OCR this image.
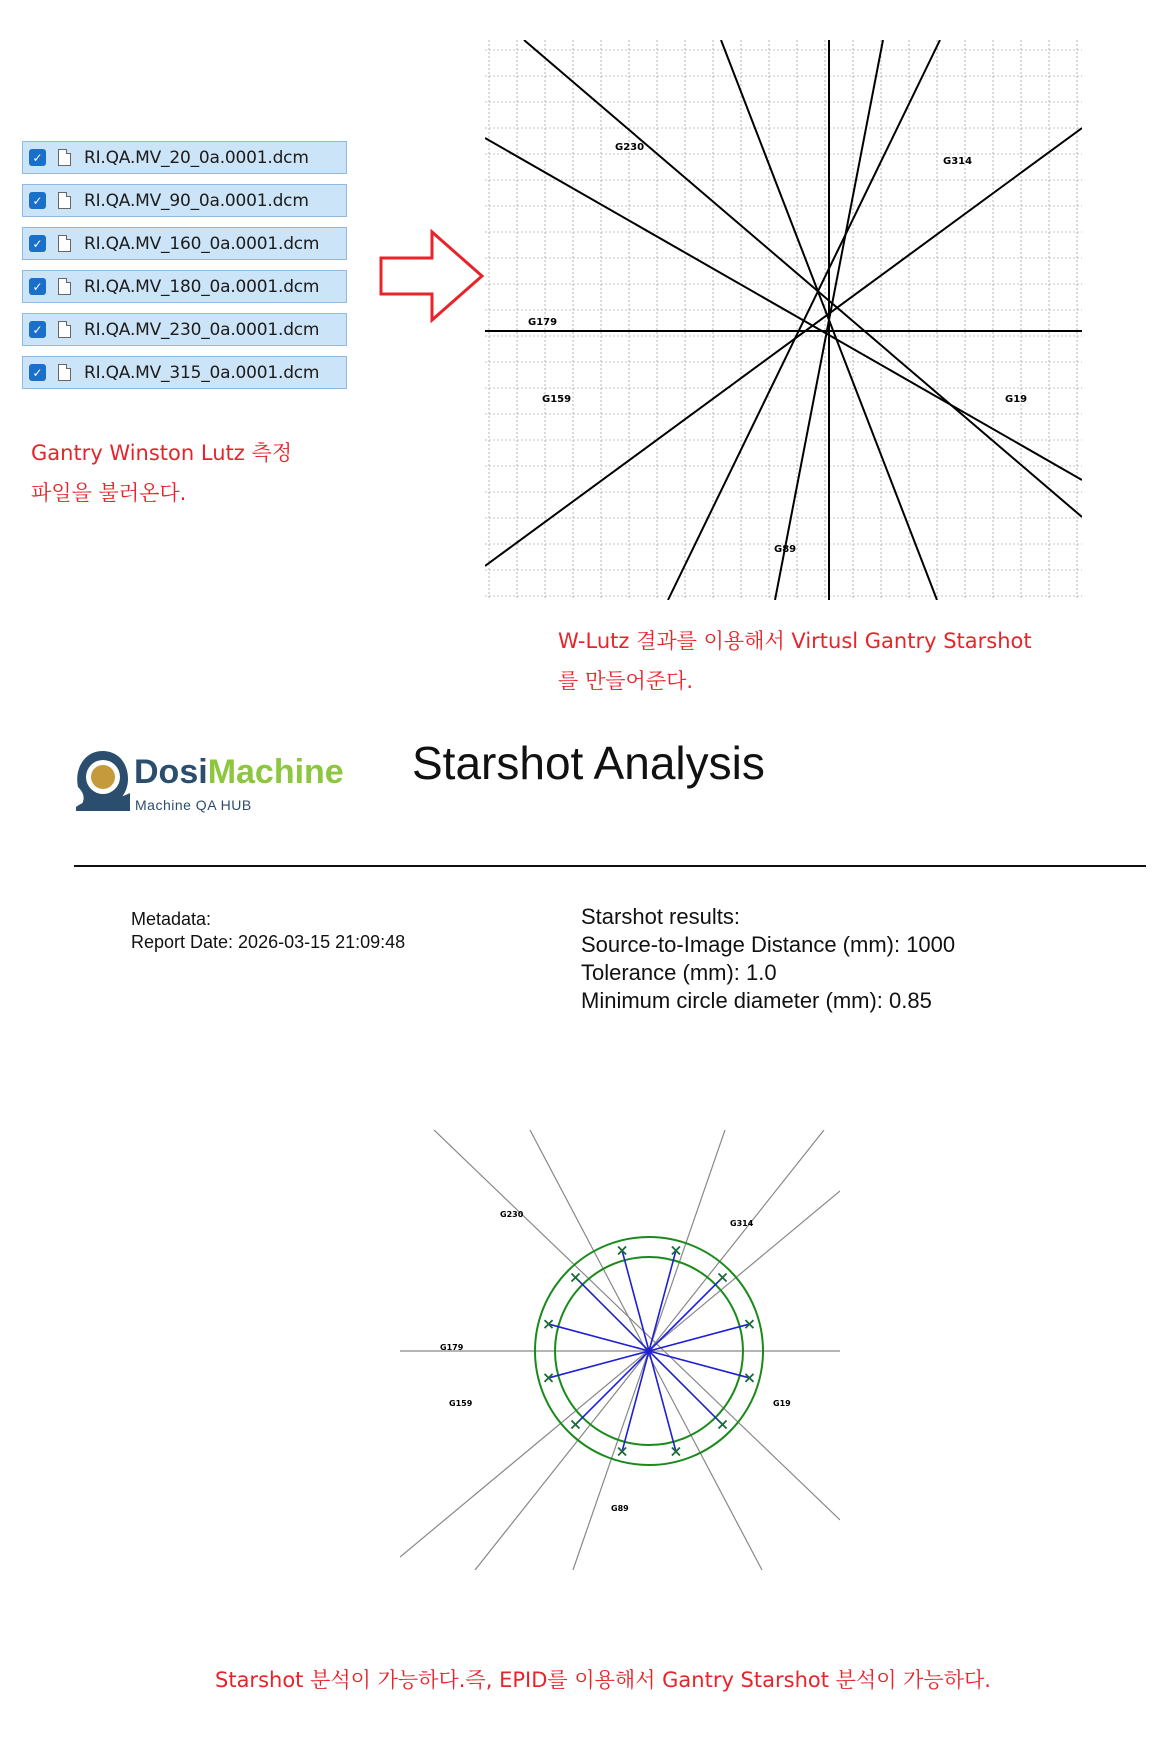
✓ RI.QA.MV_20_0a.0001.dcm
✓ RI.QA.MV_90_0a.0001.dcm
✓ RI.QA.MV_160_0a.0001.dcm
✓ RI.QA.MV_180_0a.0001.dcm
✓ RI.QA.MV_230_0a.0001.dcm
✓ RI.QA.MV_315_0a.0001.dcm
Gantry Winston Lutz 측정
파일을 불러온다.
G230
G314
G179
G159	G19
G89
W-Lutz 결과를 이용해서 Virtusl Gantry Starshot
를 만들어준다.
DosiMachine
Machine QA HUB
Starshot Analysis
Metadata:
Report Date: 2026-03-15 21:09:48
Starshot results:
Source-to-Image Distance (mm): 1000
Tolerance (mm): 1.0
Minimum circle diameter (mm): 0.85
G230
G314
G179
G159	G19
G89
Starshot 분석이 가능하다.즉, EPID를 이용해서 Gantry Starshot 분석이 가능하다.
